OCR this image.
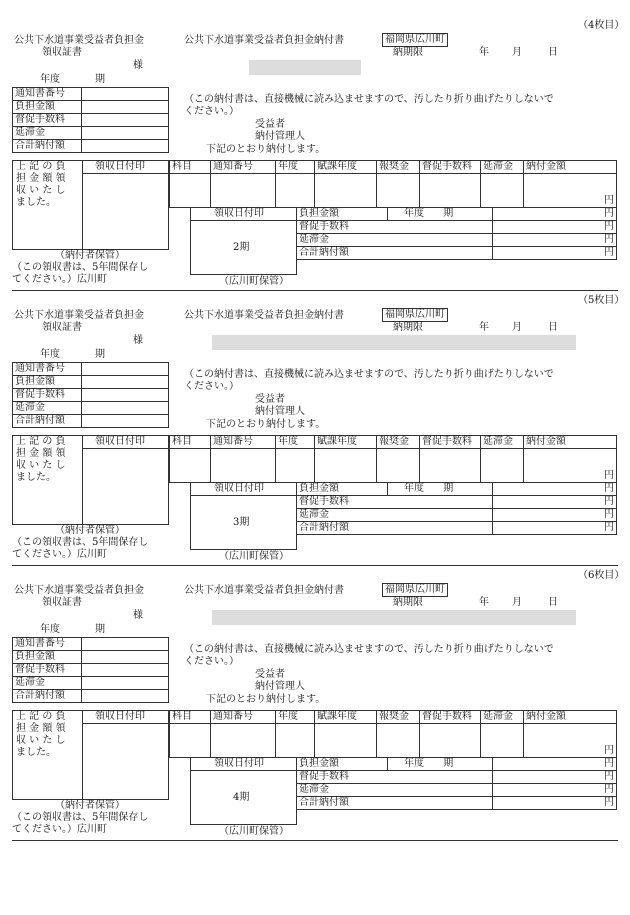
（4枚目）
公共下水道事業受益者負担金
領収証書
様
年度	期
通知書番号	
負担金額	
督促手数料	
延滞金	
合計納付額	
領収日付印
上 記 の 負
担 金 額 領
収 い た し
ました。
（納付者保管）
（この領収書は、5年間保存し
てください。）広川町
公共下水道事業受益者負担金納付書	福岡県広川町
納期限	年 月	日
（この納付書は、直接機械に読み込ませますので、汚したり折り曲げたりしないで
ください。）
受益者
納付管理人
下記のとおり納付します。
科目	通知番号	年度	賦課年度	報奨金	督促手数料	延滞金	納付金額
							円
領収日付印
2期
負担金額	年度 期	円
督促手数料		円
延滞金		円
合計納付額		円
（広川町保管）
（5枚目）
公共下水道事業受益者負担金
領収証書
様
年度	期
通知書番号	
負担金額	
督促手数料	
延滞金	
合計納付額	
領収日付印
上 記 の 負
担 金 額 領
収 い た し
ました。
（納付者保管）
（この領収書は、5年間保存し
てください。）広川町
公共下水道事業受益者負担金納付書	福岡県広川町
納期限	年 月	日
（この納付書は、直接機械に読み込ませますので、汚したり折り曲げたりしないで
ください。）
受益者
納付管理人
下記のとおり納付します。
科目	通知番号	年度	賦課年度	報奨金	督促手数料	延滞金	納付金額
							円
領収日付印
3期
負担金額	年度 期	円
督促手数料		円
延滞金		円
合計納付額		円
（広川町保管）
（6枚目）
公共下水道事業受益者負担金
領収証書
様
年度	期
通知書番号	
負担金額	
督促手数料	
延滞金	
合計納付額	
領収日付印
上 記 の 負
担 金 額 領
収 い た し
ました。
（納付者保管）
（この領収書は、5年間保存し
てください。）広川町
公共下水道事業受益者負担金納付書	福岡県広川町
納期限	年 月	日
（この納付書は、直接機械に読み込ませますので、汚したり折り曲げたりしないで
ください。）
受益者
納付管理人
下記のとおり納付します。
科目	通知番号	年度	賦課年度	報奨金	督促手数料	延滞金	納付金額
							円
領収日付印
4期
負担金額	年度 期	円
督促手数料		円
延滞金		円
合計納付額		円
（広川町保管）
